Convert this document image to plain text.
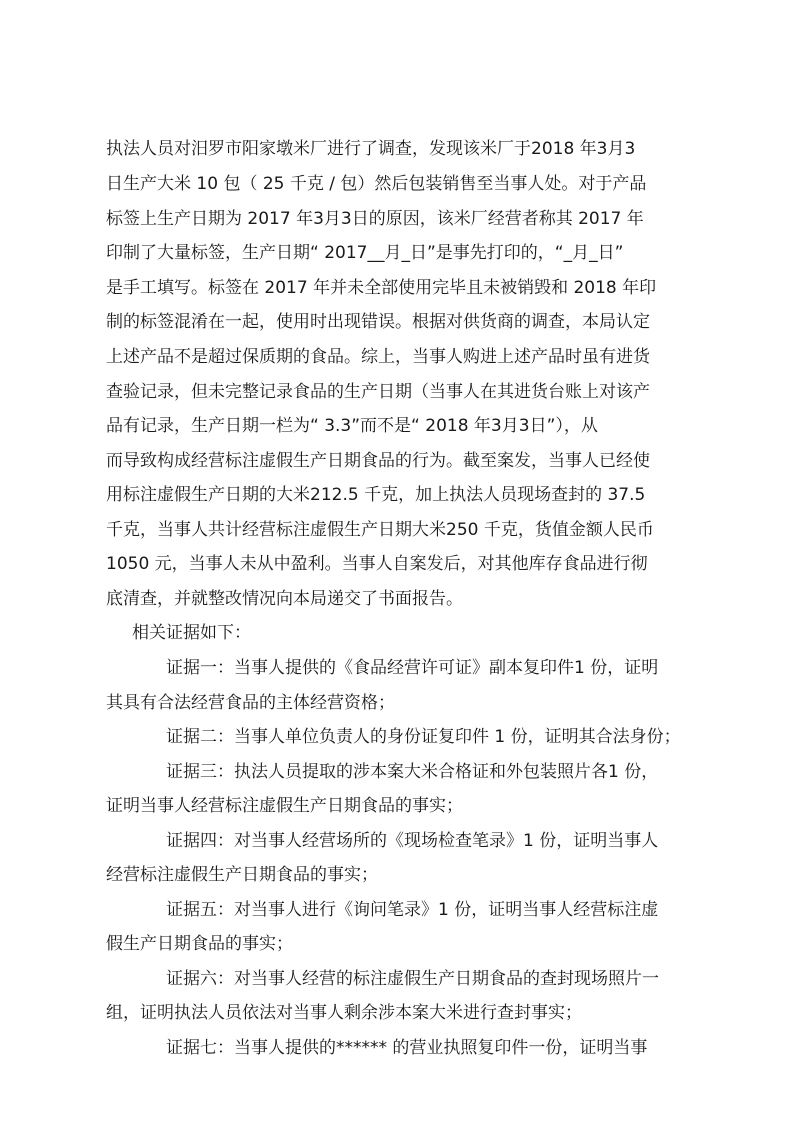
执法人员对汨罗市阳家墩米厂进行了调查，发现该米厂于2018 年3月3
日生产大米 10 包（ 25 千克 / 包）然后包装销售至当事人处。对于产品
标签上生产日期为 2017 年3月3日的原因，该米厂经营者称其 2017 年
印制了大量标签，生产日期“ 2017__月_日”是事先打印的，“_月_日”
是手工填写。标签在 2017 年并未全部使用完毕且未被销毁和 2018 年印
制的标签混淆在一起，使用时出现错误。根据对供货商的调查，本局认定
上述产品不是超过保质期的食品。综上，当事人购进上述产品时虽有进货
查验记录，但未完整记录食品的生产日期（当事人在其进货台账上对该产
品有记录，生产日期一栏为“ 3.3”而不是“ 2018 年3月3日”），从
而导致构成经营标注虚假生产日期食品的行为。截至案发，当事人已经使
用标注虚假生产日期的大米212.5 千克，加上执法人员现场查封的 37.5
千克，当事人共计经营标注虚假生产日期大米250 千克，货值金额人民币
1050 元，当事人未从中盈利。当事人自案发后，对其他库存食品进行彻
底清查，并就整改情况向本局递交了书面报告。
相关证据如下：
证据一：当事人提供的《食品经营许可证》副本复印件1 份，证明
其具有合法经营食品的主体经营资格；
证据二：当事人单位负责人的身份证复印件 1 份，证明其合法身份；
证据三：执法人员提取的涉本案大米合格证和外包装照片各1 份，
证明当事人经营标注虚假生产日期食品的事实；
证据四：对当事人经营场所的《现场检查笔录》1 份，证明当事人
经营标注虚假生产日期食品的事实；
证据五：对当事人进行《询问笔录》1 份，证明当事人经营标注虚
假生产日期食品的事实；
证据六：对当事人经营的标注虚假生产日期食品的查封现场照片一
组，证明执法人员依法对当事人剩余涉本案大米进行查封事实；
证据七：当事人提供的****** 的营业执照复印件一份，证明当事
